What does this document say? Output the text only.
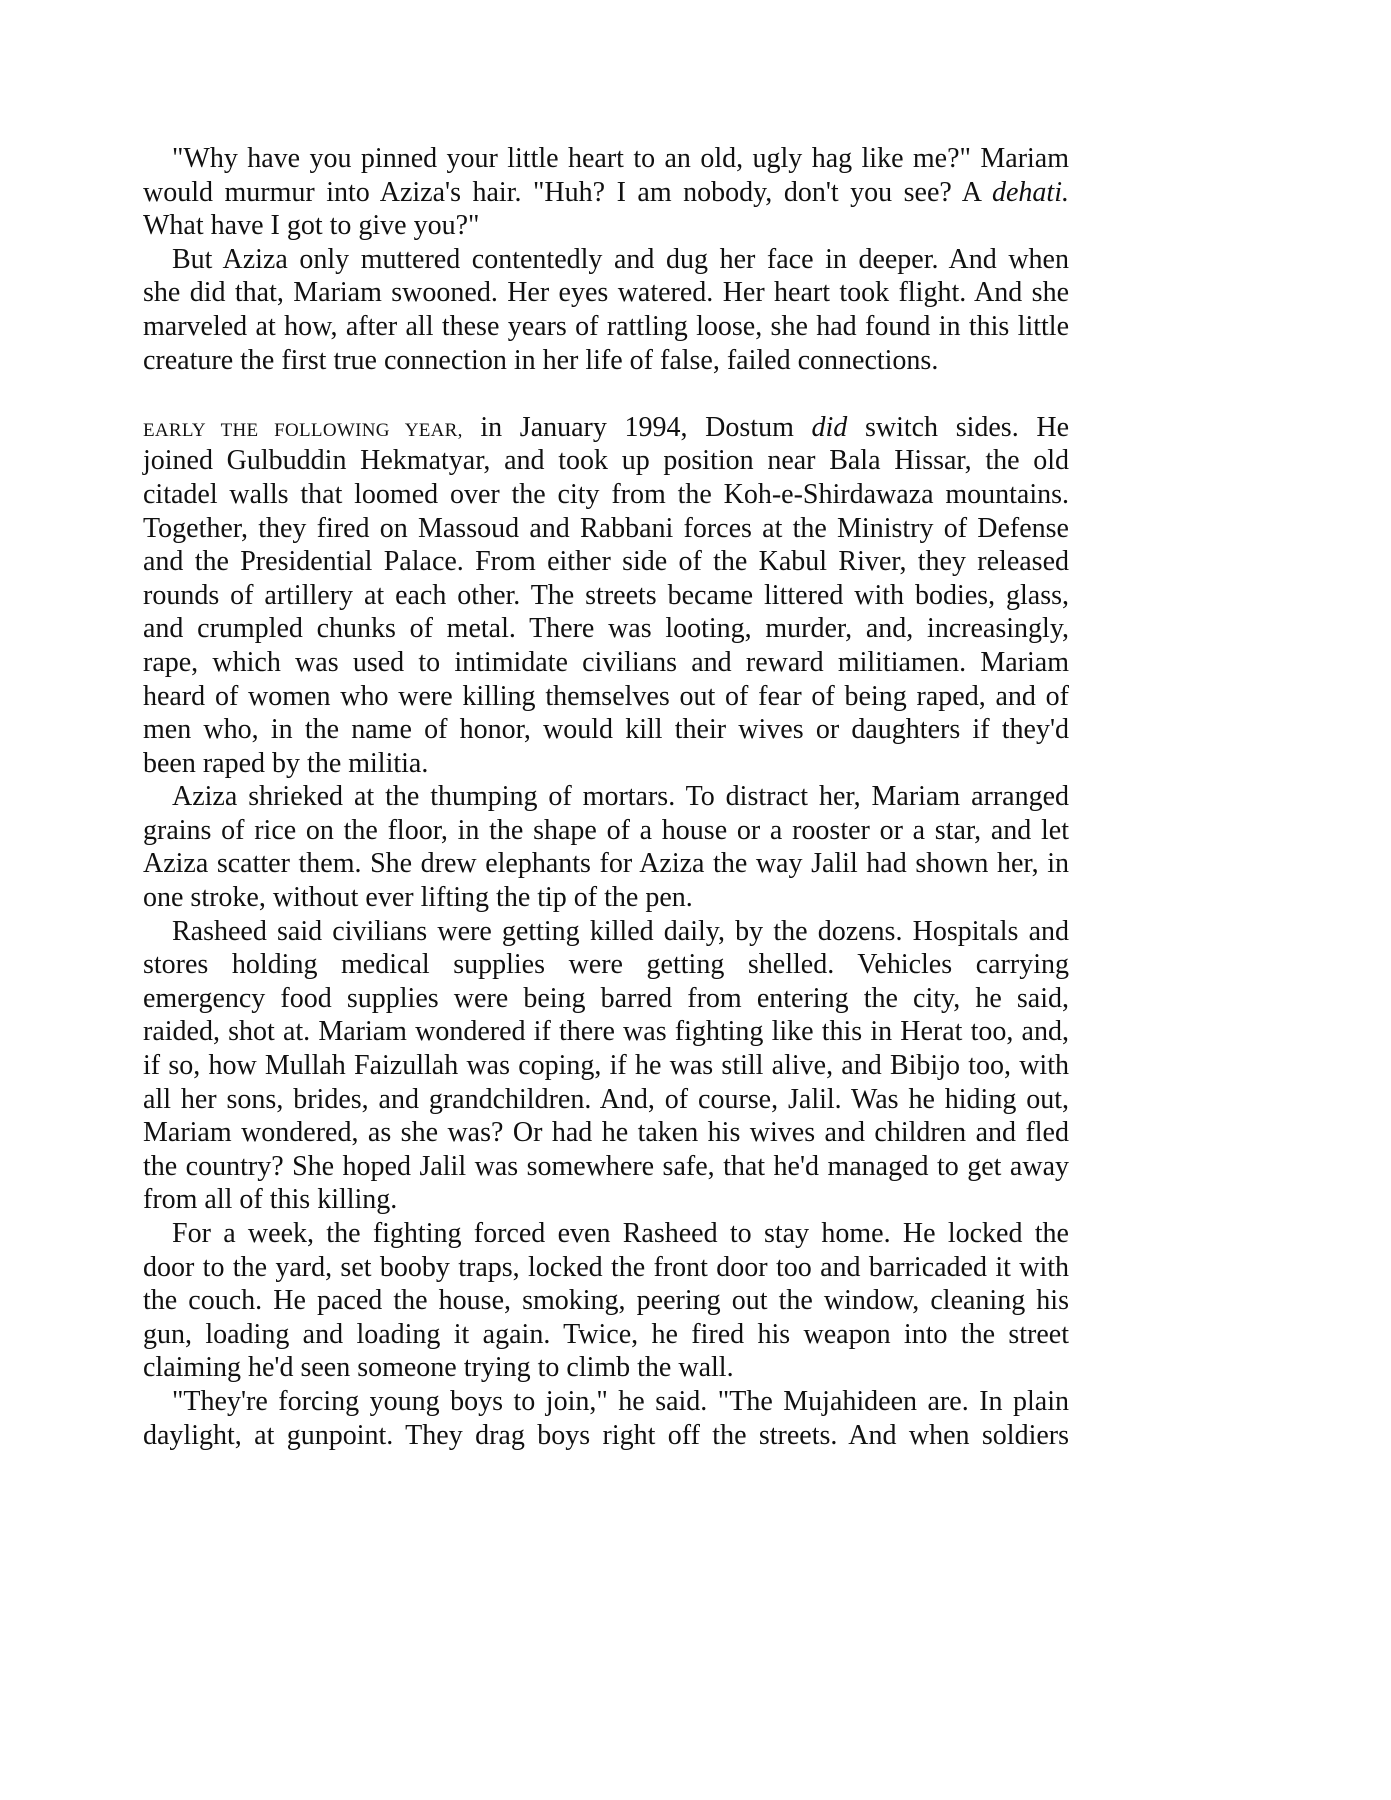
"Why have you pinned your little heart to an old, ugly hag like me?" Mariam
would murmur into Aziza's hair. "Huh? I am nobody, don't you see? A dehati.
What have I got to give you?"
But Aziza only muttered contentedly and dug her face in deeper. And when
she did that, Mariam swooned. Her eyes watered. Her heart took flight. And she
marveled at how, after all these years of rattling loose, she had found in this little
creature the first true connection in her life of false, failed connections.
EARLY THE FOLLOWING YEAR, in January 1994, Dostum did switch sides. He
joined Gulbuddin Hekmatyar, and took up position near Bala Hissar, the old
citadel walls that loomed over the city from the Koh-e-Shirdawaza mountains.
Together, they fired on Massoud and Rabbani forces at the Ministry of Defense
and the Presidential Palace. From either side of the Kabul River, they released
rounds of artillery at each other. The streets became littered with bodies, glass,
and crumpled chunks of metal. There was looting, murder, and, increasingly,
rape, which was used to intimidate civilians and reward militiamen. Mariam
heard of women who were killing themselves out of fear of being raped, and of
men who, in the name of honor, would kill their wives or daughters if they'd
been raped by the militia.
Aziza shrieked at the thumping of mortars. To distract her, Mariam arranged
grains of rice on the floor, in the shape of a house or a rooster or a star, and let
Aziza scatter them. She drew elephants for Aziza the way Jalil had shown her, in
one stroke, without ever lifting the tip of the pen.
Rasheed said civilians were getting killed daily, by the dozens. Hospitals and
stores holding medical supplies were getting shelled. Vehicles carrying
emergency food supplies were being barred from entering the city, he said,
raided, shot at. Mariam wondered if there was fighting like this in Herat too, and,
if so, how Mullah Faizullah was coping, if he was still alive, and Bibijo too, with
all her sons, brides, and grandchildren. And, of course, Jalil. Was he hiding out,
Mariam wondered, as she was? Or had he taken his wives and children and fled
the country? She hoped Jalil was somewhere safe, that he'd managed to get away
from all of this killing.
For a week, the fighting forced even Rasheed to stay home. He locked the
door to the yard, set booby traps, locked the front door too and barricaded it with
the couch. He paced the house, smoking, peering out the window, cleaning his
gun, loading and loading it again. Twice, he fired his weapon into the street
claiming he'd seen someone trying to climb the wall.
"They're forcing young boys to join," he said. "The Mujahideen are. In plain
daylight, at gunpoint. They drag boys right off the streets. And when soldiers
